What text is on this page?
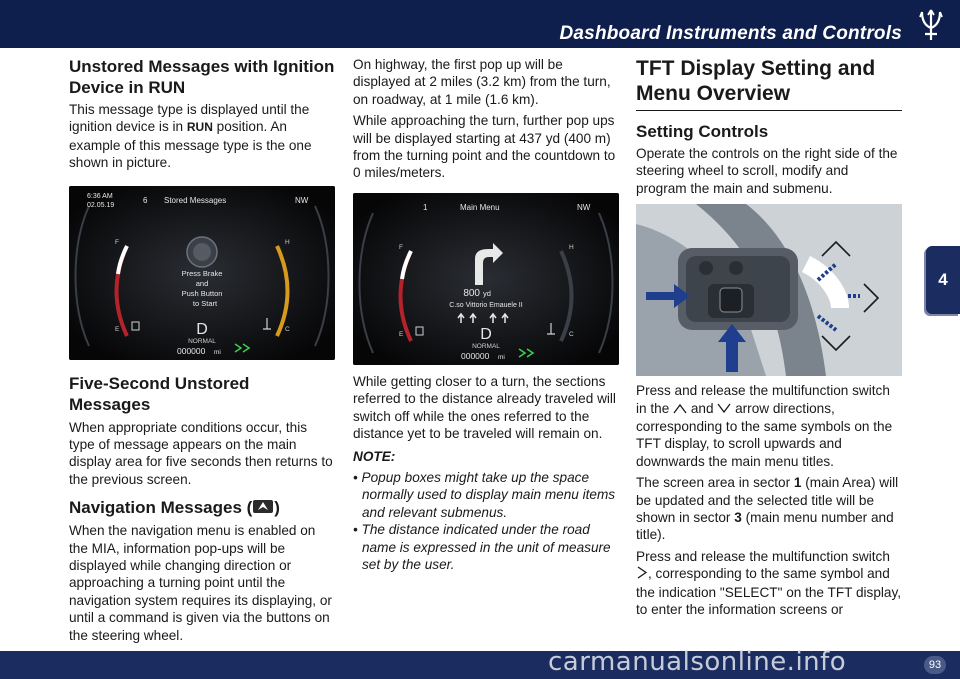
Dashboard Instruments and Controls
4
Unstored Messages with Ignition Device in RUN

This message type is displayed until the ignition device is in RUN position. An example of this message type is the one shown in picture.

6:36 AM
02.05.19
6 Stored Messages	NW
Press Brake
and
Push Button
to Start
D
NORMAL
000000 mi
F
E
H
C
Five-Second Unstored Messages

When appropriate conditions occur, this type of message appears on the main display area for five seconds then returns to the previous screen.

Navigation Messages ( )

When the navigation menu is enabled on the MIA, information pop-ups will be displayed while changing direction or approaching a turning point until the navigation system requires its displaying, or until a command is given via the buttons on the steering wheel.

On highway, the first pop up will be displayed at 2 miles (3.2 km) from the turn, on roadway, at 1 mile (1.6 km).

While approaching the turn, further pop ups will be displayed starting at 437 yd (400 m) from the turning point and the countdown to 0 miles/meters.

1	Main Menu	NW
800 yd
C.so Vittorio Emauele II
D
NORMAL
000000 mi
F
E
H
C

While getting closer to a turn, the sections referred to the distance already traveled will switch off while the ones referred to the distance yet to be traveled will remain on.

NOTE:

• Popup boxes might take up the space normally used to display main menu items and relevant submenus.
• The distance indicated under the road name is expressed in the unit of measure set by the user.
TFT Display Setting and Menu Overview
Setting Controls

Operate the controls on the right side of the steering wheel to scroll, modify and program the main and submenu.

Press and release the multifunction switch in the and arrow directions, corresponding to the same symbols on the TFT display, to scroll upwards and downwards the main menu titles.

The screen area in sector 1 (main Area) will be updated and the selected title will be shown in sector 3 (main menu number and title).

Press and release the multifunction switch , corresponding to the same symbol and the indication "SELECT" on the TFT display, to enter the information screens or

carmanualsonline.info	93
